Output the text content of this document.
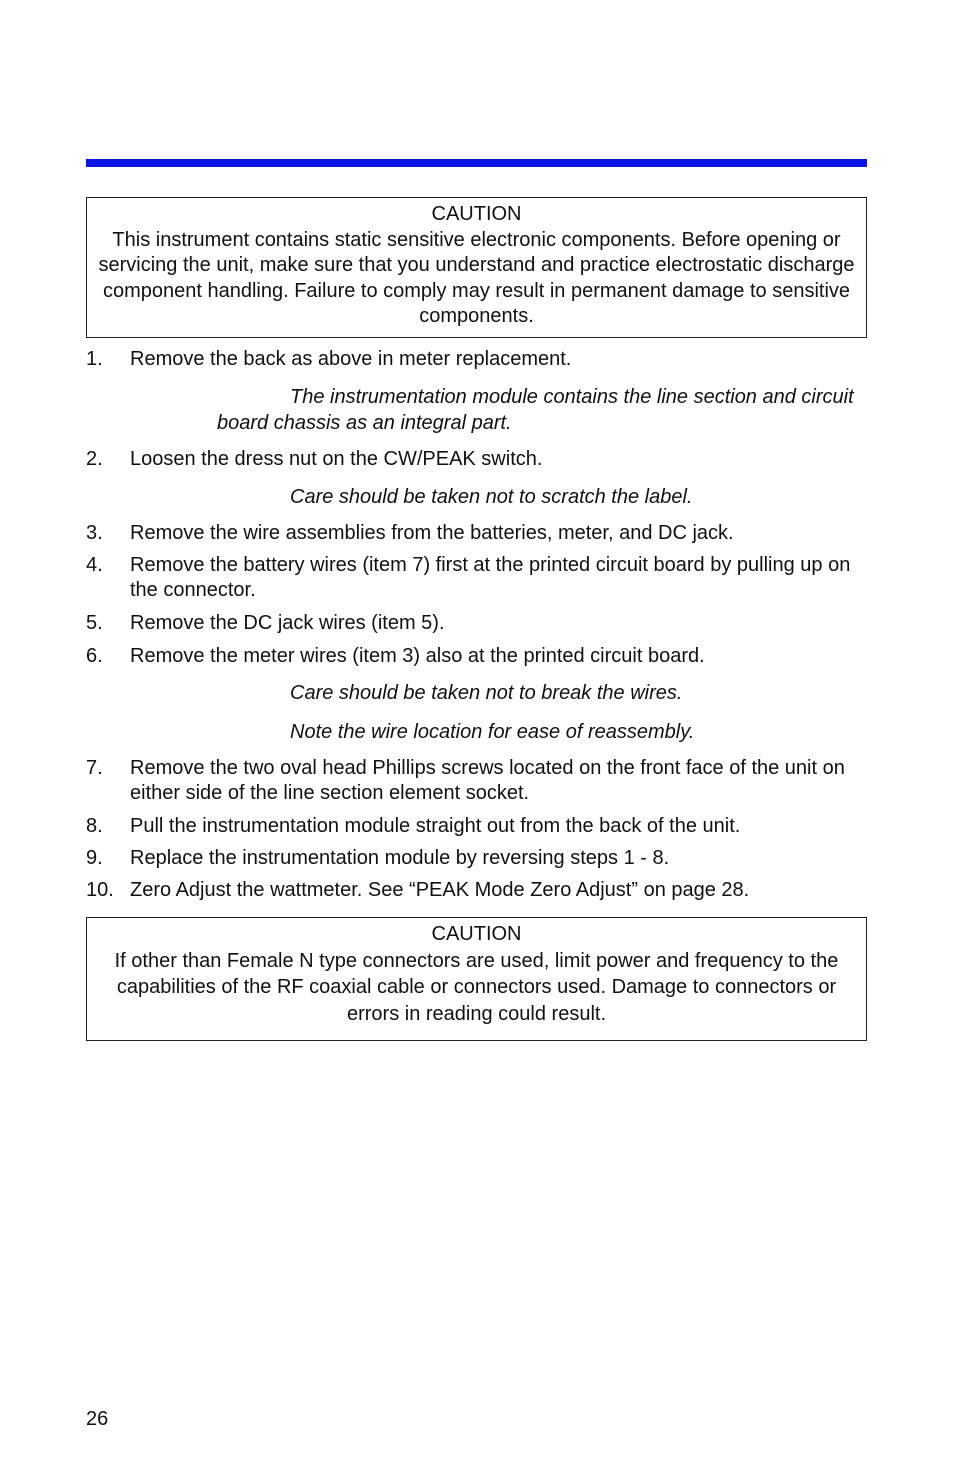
CAUTION
This instrument contains static sensitive electronic components. Before opening or servicing the unit, make sure that you understand and practice electrostatic discharge component handling. Failure to comply may result in permanent damage to sensitive components.
1.	Remove the back as above in meter replacement.
The instrumentation module contains the line section and circuit board chassis as an integral part.
2.	Loosen the dress nut on the CW/PEAK switch.
Care should be taken not to scratch the label.
3.	Remove the wire assemblies from the batteries, meter, and DC jack.
4.	Remove the battery wires (item 7) first at the printed circuit board by pulling up on the connector.
5.	Remove the DC jack wires (item 5).
6.	Remove the meter wires (item 3) also at the printed circuit board.
Care should be taken not to break the wires.
Note the wire location for ease of reassembly.
7.	Remove the two oval head Phillips screws located on the front face of the unit on either side of the line section element socket.
8.	Pull the instrumentation module straight out from the back of the unit.
9.	Replace the instrumentation module by reversing steps 1 - 8.
10. Zero Adjust the wattmeter. See “PEAK Mode Zero Adjust” on page 28.
CAUTION
If other than Female N type connectors are used, limit power and frequency to the capabilities of the RF coaxial cable or connectors used. Damage to connectors or errors in reading could result.
26
